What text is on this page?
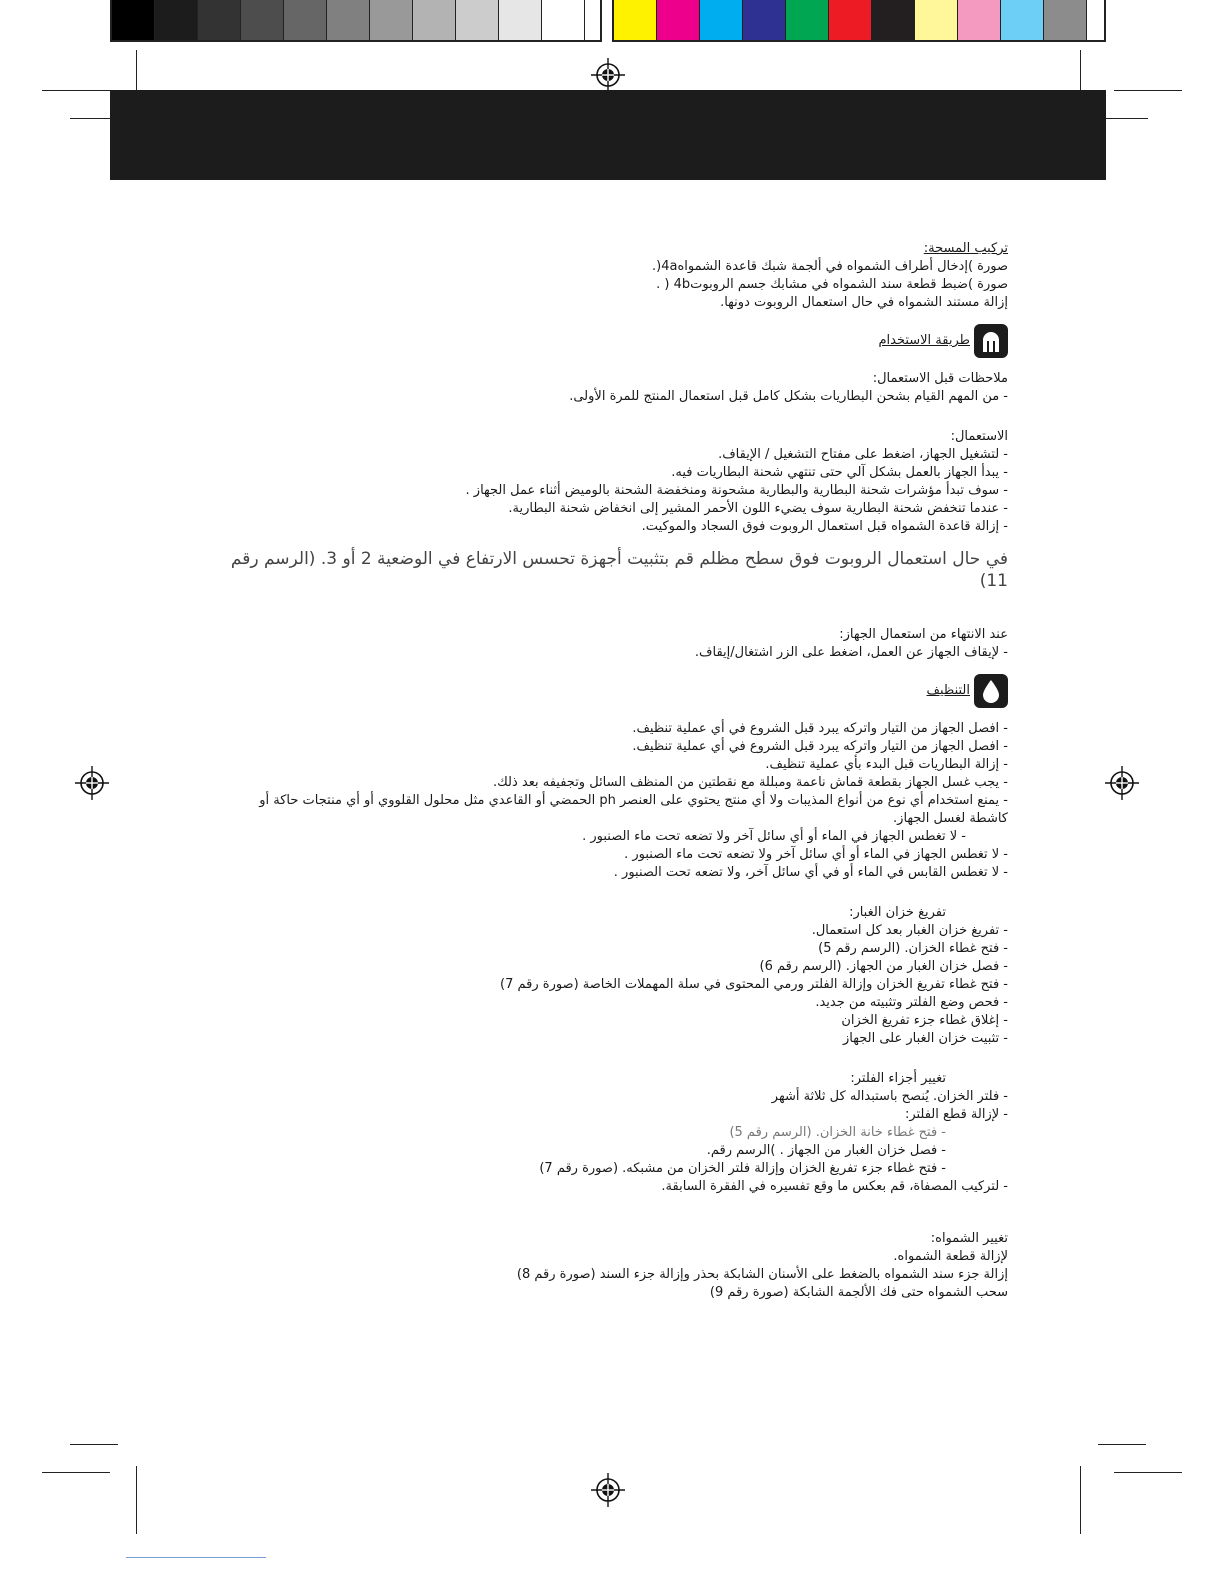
تركيب المسحة:
صورة )إدخال أطراف الشمواه في ألجمة شبك قاعدة الشمواه4a(.
صورة )ضبط قطعة سند الشمواه في مشابك جسم الروبوت4b ( .
إزالة مستند الشمواه في حال استعمال الروبوت دونها.
طريقة الاستخدام
ملاحظات قبل الاستعمال:
- من المهم القيام بشحن البطاريات بشكل كامل قبل استعمال المنتج للمرة الأولى.
الاستعمال:
- لتشغيل الجهاز، اضغط على مفتاح التشغيل / الإيقاف.
- يبدأ الجهاز بالعمل بشكل آلي حتى تنتهي شحنة البطاريات فيه.
- سوف تبدأ مؤشرات شحنة البطارية والبطارية مشحونة ومنخفضة الشحنة بالوميض أثناء عمل الجهاز .
- عندما تنخفض شحنة البطارية سوف يضيء اللون الأحمر المشير إلى انخفاض شحنة البطارية.
- إزالة قاعدة الشمواه قبل استعمال الروبوت فوق السجاد والموكيت.
في حال استعمال الروبوت فوق سطح مظلم قم بتثبيت أجهزة تحسس الارتفاع في الوضعية 2 أو 3. (الرسم رقم 11)
عند الانتهاء من استعمال الجهاز:
- لإيقاف الجهاز عن العمل، اضغط على الزر اشتغال/إيقاف.
التنظيف
- افصل الجهاز من التيار واتركه يبرد قبل الشروع في أي عملية تنظيف.
- افصل الجهاز من التيار واتركه يبرد قبل الشروع في أي عملية تنظيف.
- إزالة البطاريات قبل البدء بأي عملية تنظيف.
- يجب غسل الجهاز بقطعة قماش ناعمة ومبللة مع نقطتين من المنظف السائل وتجفيفه بعد ذلك.
- يمنع استخدام أي نوع من أنواع المذيبات ولا أي منتج يحتوي على العنصر ph الحمضي أو القاعدي مثل محلول القلووي أو أي منتجات حاكة أو كاشطة لغسل الجهاز.
- لا تغطس الجهاز في الماء أو أي سائل آخر ولا تضعه تحت ماء الصنبور .
- لا تغطس الجهاز في الماء أو أي سائل آخر ولا تضعه تحت ماء الصنبور .
- لا تغطس القابس في الماء أو في أي سائل آخر، ولا تضعه تحت الصنبور .
تفريغ خزان الغبار:
- تفريغ خزان الغبار بعد كل استعمال.
- فتح غطاء الخزان. (الرسم رقم 5)
- فصل خزان الغبار من الجهاز. (الرسم رقم 6)
- فتح غطاء تفريغ الخزان وإزالة الفلتر ورمي المحتوى في سلة المهملات الخاصة (صورة رقم 7)
- فحص وضع الفلتر وتثبيته من جديد.
- إغلاق غطاء جزء تفريغ الخزان
- تثبيت خزان الغبار على الجهاز
تغيير أجزاء الفلتر:
- فلتر الخزان. يُنصح باستبداله كل ثلاثة أشهر
- لإزالة قطع الفلتر:
- فتح غطاء خانة الخزان. (الرسم رقم 5)
- فصل خزان الغبار من الجهاز . )الرسم رقم.
- فتح غطاء جزء تفريغ الخزان وإزالة فلتر الخزان من مشبكه. (صورة رقم 7)
- لتركيب المصفاة، قم بعكس ما وقع تفسيره في الفقرة السابقة.
تغيير الشمواه:
لإزالة قطعة الشمواه.
إزالة جزء سند الشمواه بالضغط على الأسنان الشابكة بحذر وإزالة جزء السند (صورة رقم 8)
سحب الشمواه حتى فك الألجمة الشابكة (صورة رقم 9)
